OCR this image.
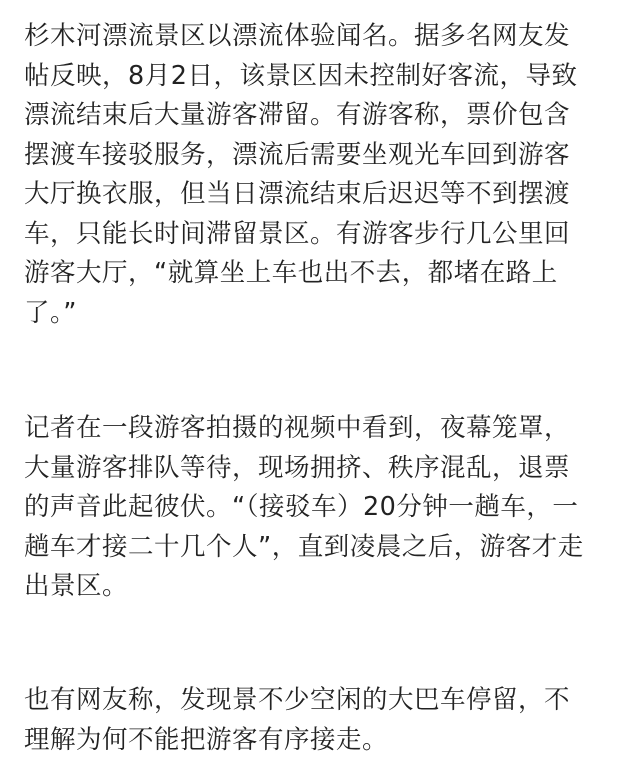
杉木河漂流景区以漂流体验闻名。据多名网友发
帖反映，8月2日，该景区因未控制好客流，导致
漂流结束后大量游客滞留。有游客称，票价包含
摆渡车接驳服务，漂流后需要坐观光车回到游客
大厅换衣服，但当日漂流结束后迟迟等不到摆渡
车，只能长时间滞留景区。有游客步行几公里回
游客大厅，“就算坐上车也出不去，都堵在路上
了。”

记者在一段游客拍摄的视频中看到，夜幕笼罩，
大量游客排队等待，现场拥挤、秩序混乱，退票
的声音此起彼伏。“（接驳车）20分钟一趟车，一
趟车才接二十几个人”，直到凌晨之后，游客才走
出景区。

也有网友称，发现景不少空闲的大巴车停留，不
理解为何不能把游客有序接走。
